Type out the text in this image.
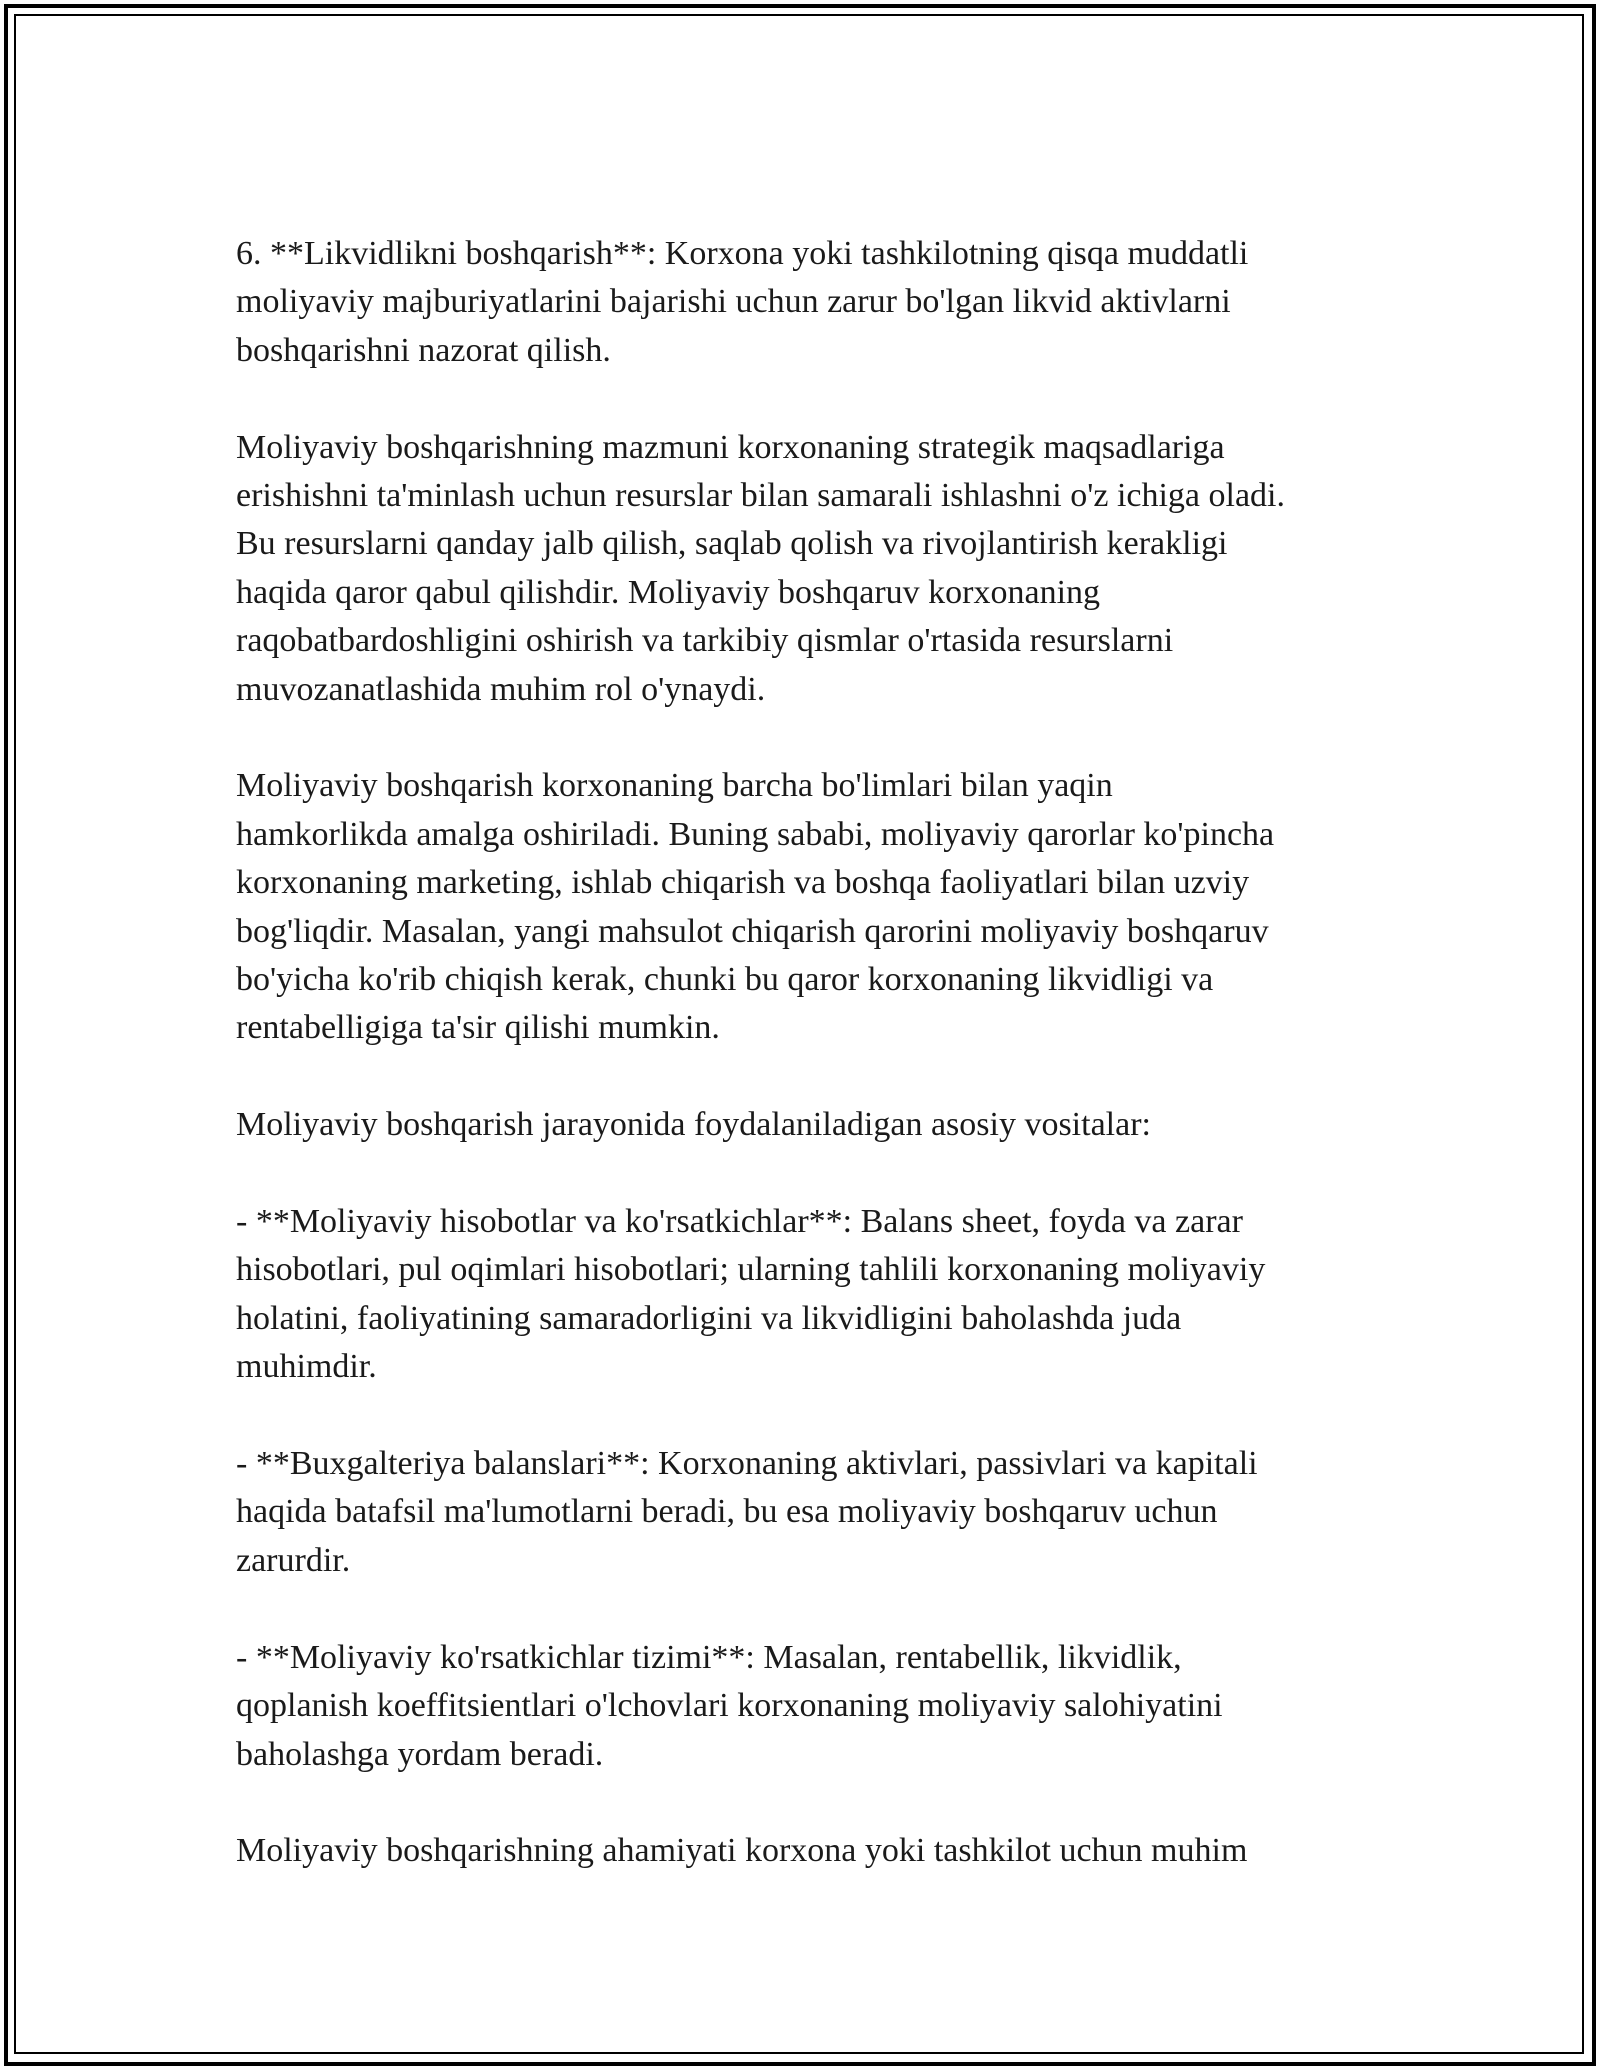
6. **Likvidlikni boshqarish**: Korxona yoki tashkilotning qisqa muddatli
moliyaviy majburiyatlarini bajarishi uchun zarur bo'lgan likvid aktivlarni
boshqarishni nazorat qilish.

Moliyaviy boshqarishning mazmuni korxonaning strategik maqsadlariga
erishishni ta'minlash uchun resurslar bilan samarali ishlashni o'z ichiga oladi.
Bu resurslarni qanday jalb qilish, saqlab qolish va rivojlantirish kerakligi
haqida qaror qabul qilishdir. Moliyaviy boshqaruv korxonaning
raqobatbardoshligini oshirish va tarkibiy qismlar o'rtasida resurslarni
muvozanatlashida muhim rol o'ynaydi.

Moliyaviy boshqarish korxonaning barcha bo'limlari bilan yaqin
hamkorlikda amalga oshiriladi. Buning sababi, moliyaviy qarorlar ko'pincha
korxonaning marketing, ishlab chiqarish va boshqa faoliyatlari bilan uzviy
bog'liqdir. Masalan, yangi mahsulot chiqarish qarorini moliyaviy boshqaruv
bo'yicha ko'rib chiqish kerak, chunki bu qaror korxonaning likvidligi va
rentabelligiga ta'sir qilishi mumkin.

Moliyaviy boshqarish jarayonida foydalaniladigan asosiy vositalar:

- **Moliyaviy hisobotlar va ko'rsatkichlar**: Balans sheet, foyda va zarar
hisobotlari, pul oqimlari hisobotlari; ularning tahlili korxonaning moliyaviy
holatini, faoliyatining samaradorligini va likvidligini baholashda juda
muhimdir.

- **Buxgalteriya balanslari**: Korxonaning aktivlari, passivlari va kapitali
haqida batafsil ma'lumotlarni beradi, bu esa moliyaviy boshqaruv uchun
zarurdir.

- **Moliyaviy ko'rsatkichlar tizimi**: Masalan, rentabellik, likvidlik,
qoplanish koeffitsientlari o'lchovlari korxonaning moliyaviy salohiyatini
baholashga yordam beradi.

Moliyaviy boshqarishning ahamiyati korxona yoki tashkilot uchun muhim
